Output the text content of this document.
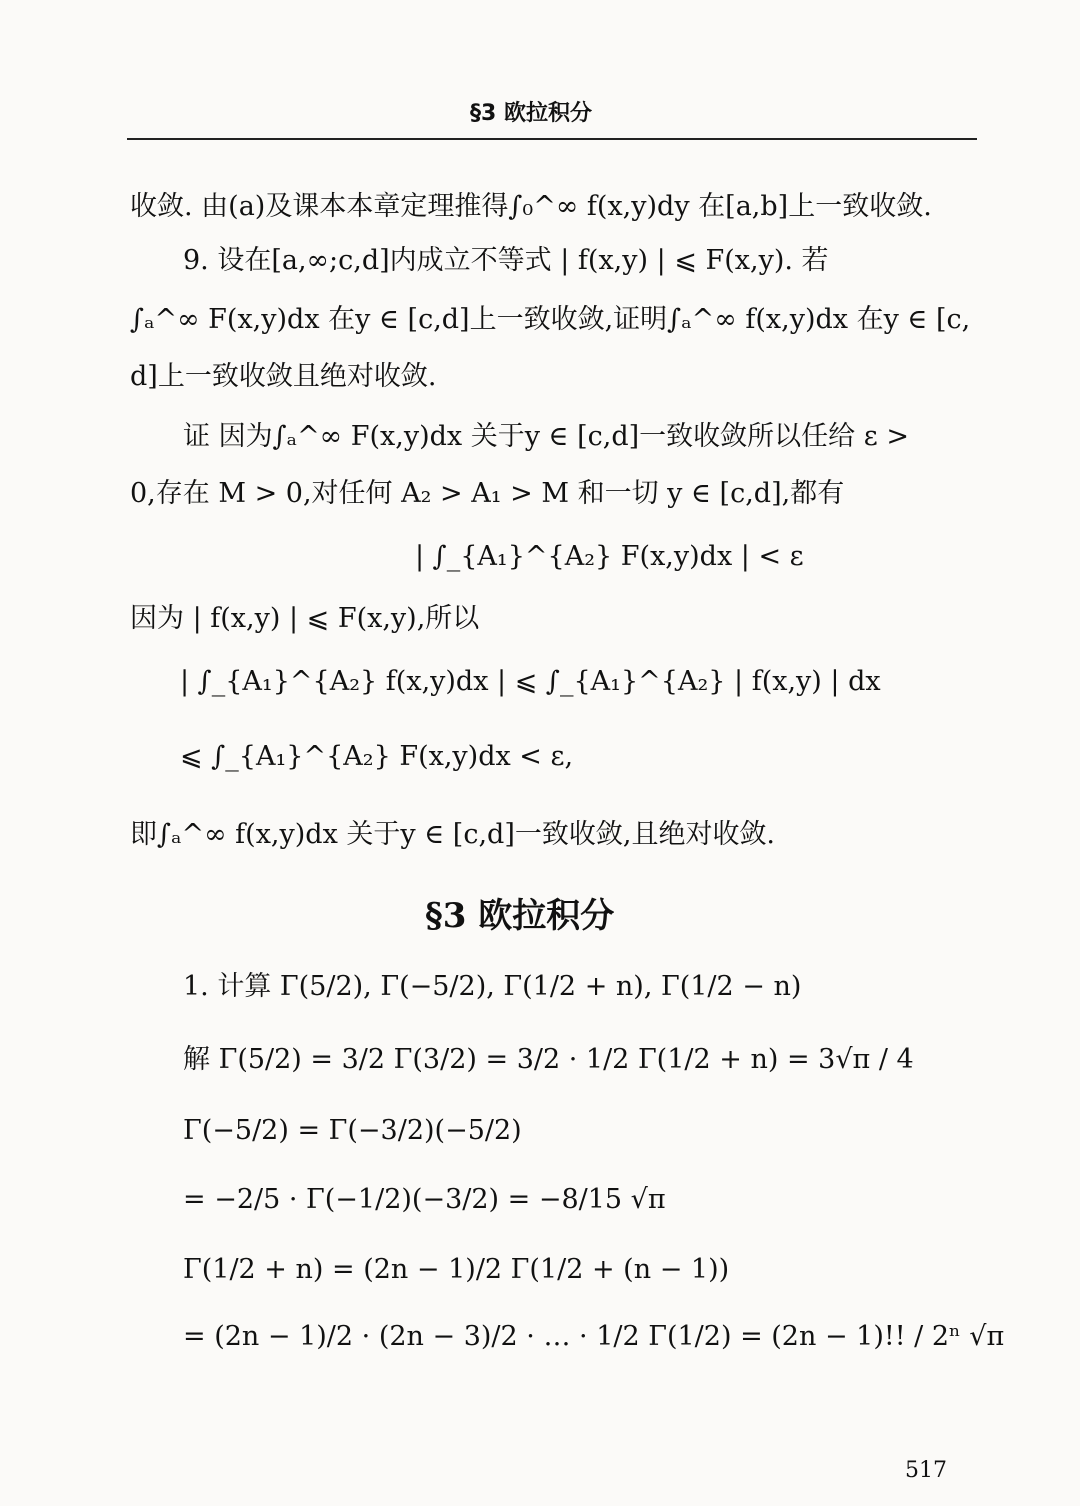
§3 欧拉积分
收敛. 由(a)及课本本章定理推得∫₀^∞ f(x,y)dy 在[a,b]上一致收敛.
9. 设在[a,∞;c,d]内成立不等式 | f(x,y) | ⩽ F(x,y). 若
∫ₐ^∞ F(x,y)dx 在y ∈ [c,d]上一致收敛,证明∫ₐ^∞ f(x,y)dx 在y ∈ [c,
d]上一致收敛且绝对收敛.
证 因为∫ₐ^∞ F(x,y)dx 关于y ∈ [c,d]一致收敛所以任给 ε >
0,存在 M > 0,对任何 A₂ > A₁ > M 和一切 y ∈ [c,d],都有
| ∫_{A₁}^{A₂} F(x,y)dx | < ε
因为 | f(x,y) | ⩽ F(x,y),所以
| ∫_{A₁}^{A₂} f(x,y)dx | ⩽ ∫_{A₁}^{A₂} | f(x,y) | dx
⩽ ∫_{A₁}^{A₂} F(x,y)dx < ε,
即∫ₐ^∞ f(x,y)dx 关于y ∈ [c,d]一致收敛,且绝对收敛.
§3 欧拉积分
1. 计算 Γ(5/2), Γ(−5/2), Γ(1/2 + n), Γ(1/2 − n)
解 Γ(5/2) = 3/2 Γ(3/2) = 3/2 · 1/2 Γ(1/2 + n) = 3√π / 4
Γ(−5/2) = Γ(−3/2)(−5/2)
= −2/5 · Γ(−1/2)(−3/2) = −8/15 √π
Γ(1/2 + n) = (2n − 1)/2 Γ(1/2 + (n − 1))
= (2n − 1)/2 · (2n − 3)/2 · … · 1/2 Γ(1/2) = (2n − 1)!! / 2ⁿ √π
517
